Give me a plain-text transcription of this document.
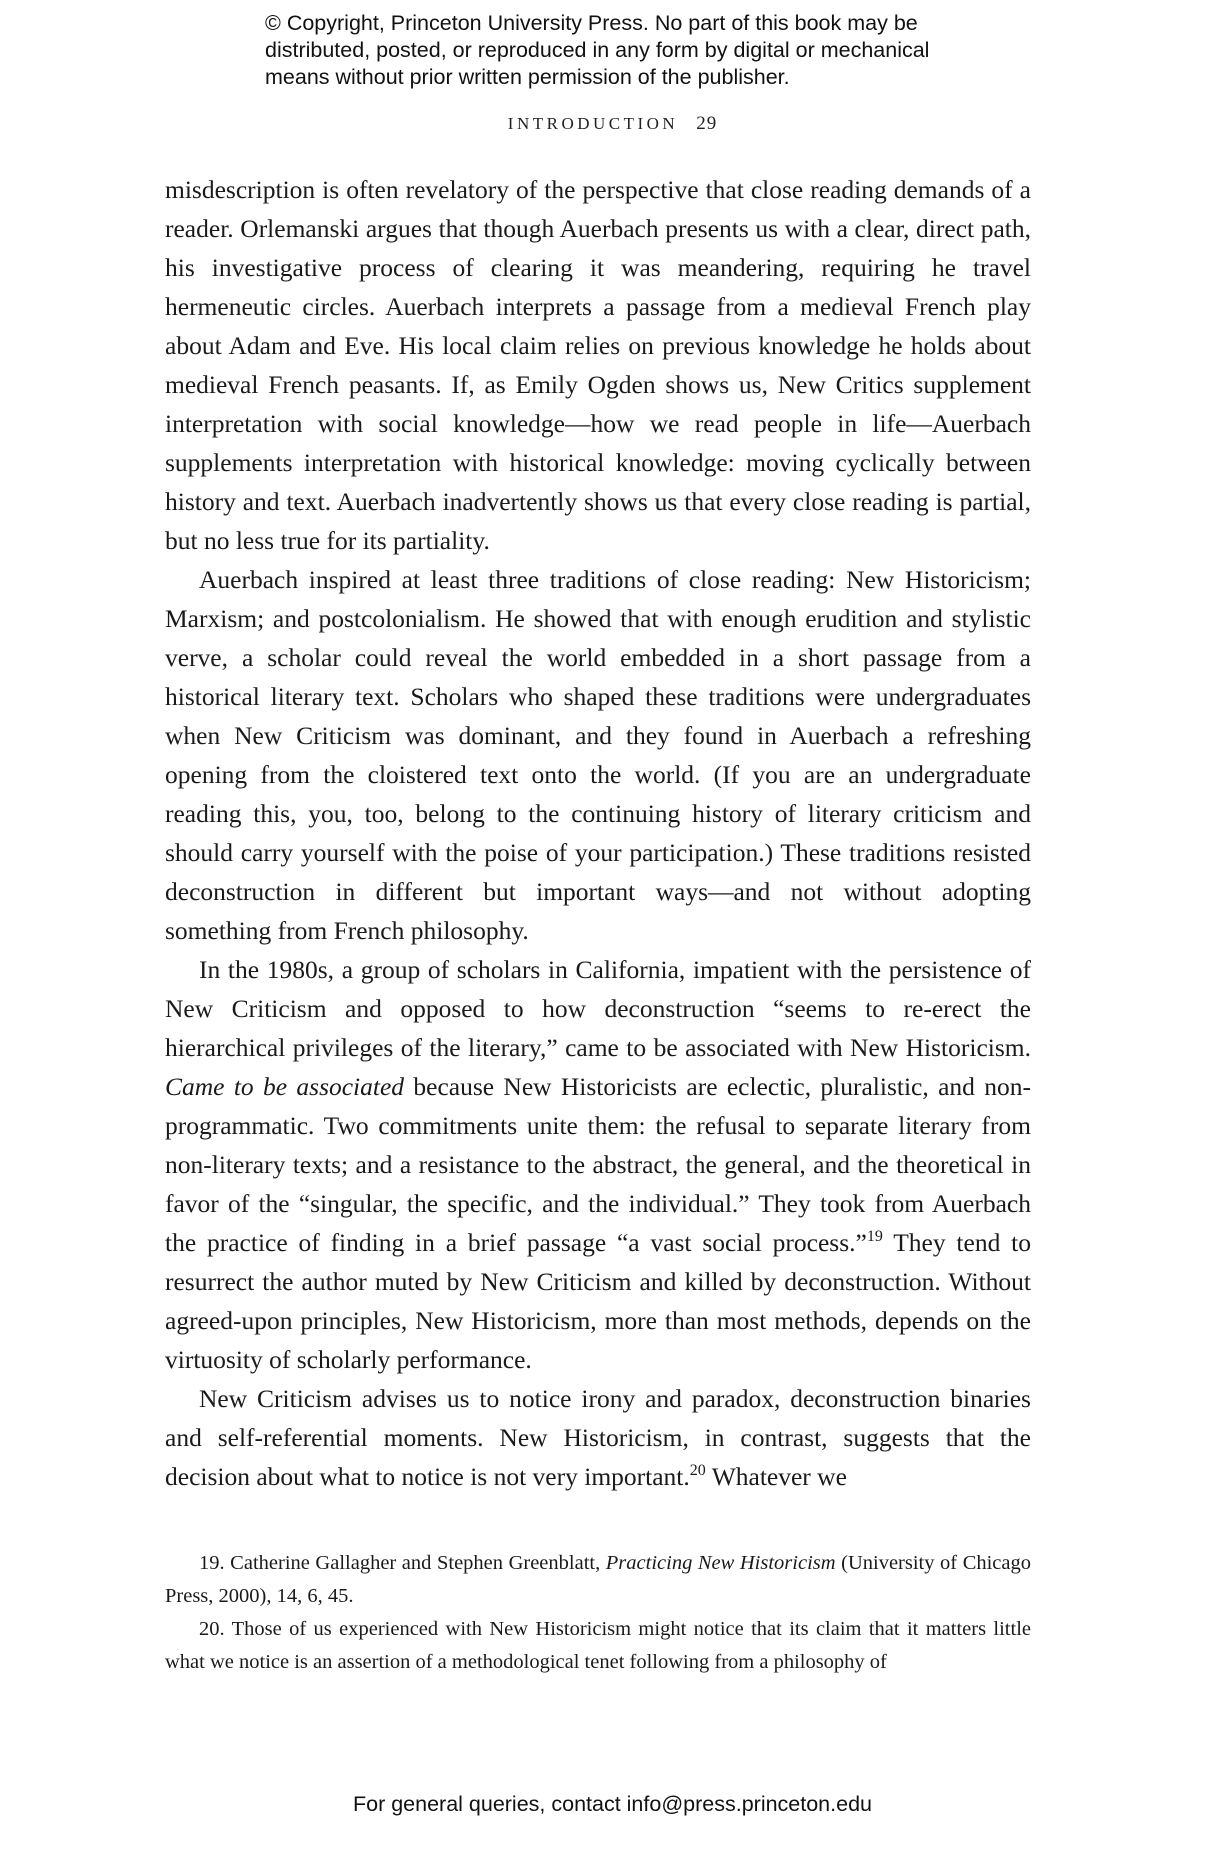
© Copyright, Princeton University Press. No part of this book may be
distributed, posted, or reproduced in any form by digital or mechanical
means without prior written permission of the publisher.
INTRODUCTION 29

misdescription is often revelatory of the perspective that close reading demands of a reader. Orlemanski argues that though Auerbach presents us with a clear, direct path, his investigative process of clearing it was meandering, requiring he travel hermeneutic circles. Auerbach interprets a passage from a medieval French play about Adam and Eve. His local claim relies on previous knowledge he holds about medieval French peasants. If, as Emily Ogden shows us, New Critics supplement interpretation with social knowledge—how we read people in life—Auerbach supplements interpretation with historical knowledge: moving cyclically between history and text. Auerbach inadvertently shows us that every close reading is partial, but no less true for its partiality.

Auerbach inspired at least three traditions of close reading: New Historicism; Marxism; and postcolonialism. He showed that with enough erudition and stylistic verve, a scholar could reveal the world embedded in a short passage from a historical literary text. Scholars who shaped these traditions were undergraduates when New Criticism was dominant, and they found in Auerbach a refreshing opening from the cloistered text onto the world. (If you are an undergraduate reading this, you, too, belong to the continuing history of literary criticism and should carry yourself with the poise of your participation.) These traditions resisted deconstruction in different but important ways—and not without adopting something from French philosophy.

In the 1980s, a group of scholars in California, impatient with the persistence of New Criticism and opposed to how deconstruction “seems to re-erect the hierarchical privileges of the literary,” came to be associated with New Historicism. Came to be associated because New Historicists are eclectic, pluralistic, and non-programmatic. Two commitments unite them: the refusal to separate literary from non-literary texts; and a resistance to the abstract, the general, and the theoretical in favor of the “singular, the specific, and the individual.” They took from Auerbach the practice of finding in a brief passage “a vast social process.”$^{19}$ They tend to resurrect the author muted by New Criticism and killed by deconstruction. Without agreed-upon principles, New Historicism, more than most methods, depends on the virtuosity of scholarly performance.

New Criticism advises us to notice irony and paradox, deconstruction binaries and self-referential moments. New Historicism, in contrast, suggests that the decision about what to notice is not very important.$^{20}$ Whatever we

19. Catherine Gallagher and Stephen Greenblatt, Practicing New Historicism (University of Chicago Press, 2000), 14, 6, 45.

20. Those of us experienced with New Historicism might notice that its claim that it matters little what we notice is an assertion of a methodological tenet following from a philosophy of

For general queries, contact info@press.princeton.edu
